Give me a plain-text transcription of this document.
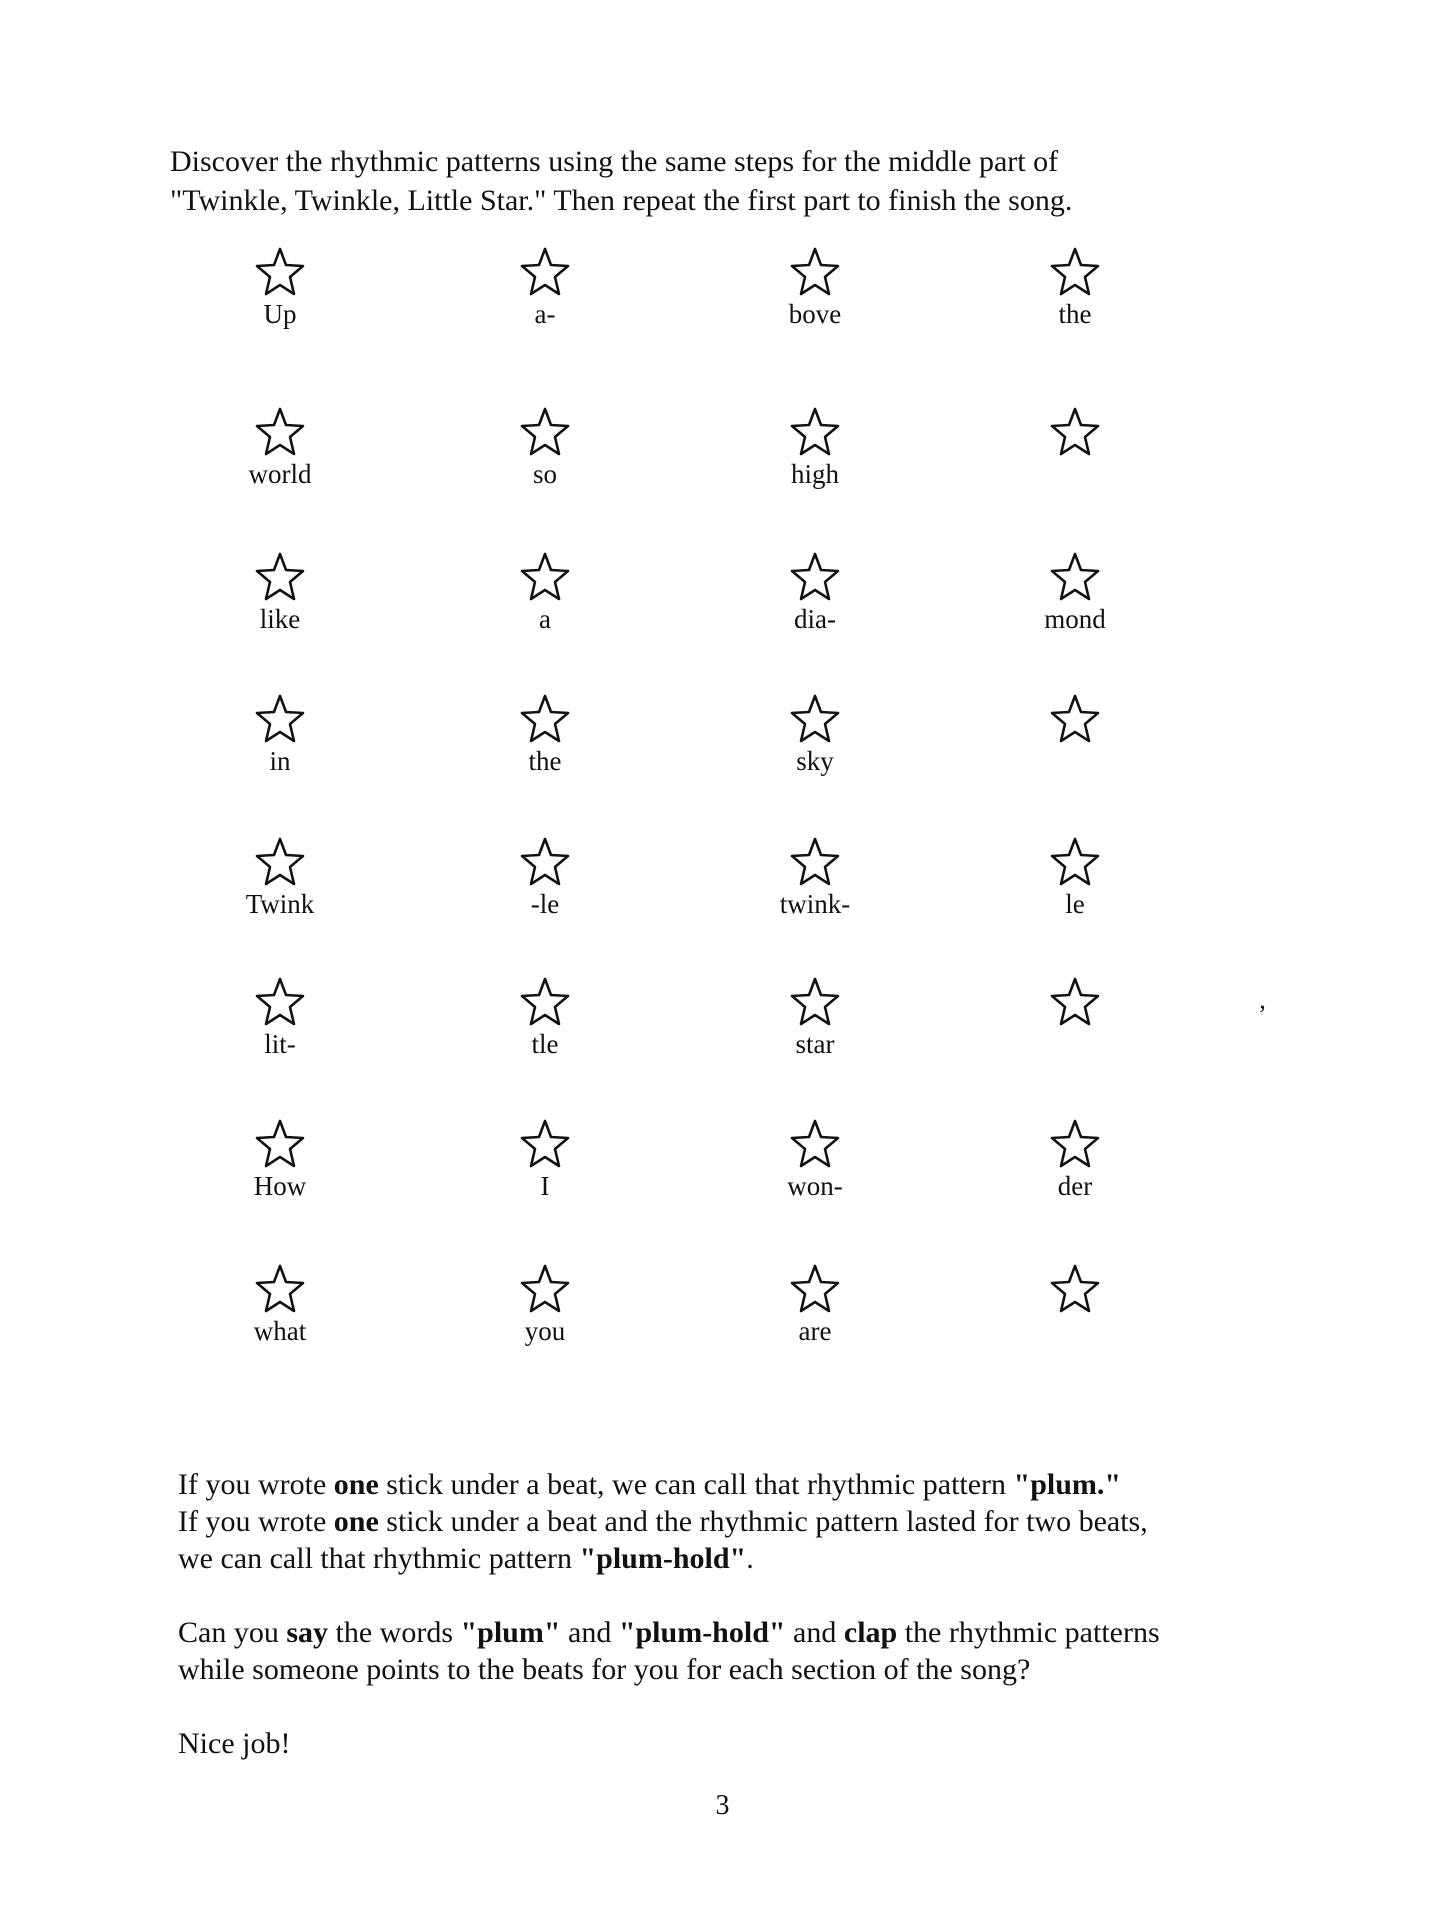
Discover the rhythmic patterns using the same steps for the middle part of

"Twinkle, Twinkle, Little Star." Then repeat the first part to finish the song.

Up	a-	bove	the
world	so	high
like	a	dia-	mond
in	the	sky
Twink	-le	twink-	le
lit-	tle	star
How	I	won-	der
what	you	are
’

If you wrote one stick under a beat, we can call that rhythmic pattern "plum."

If you wrote one stick under a beat and the rhythmic pattern lasted for two beats,

we can call that rhythmic pattern "plum-hold".

Can you say the words "plum" and "plum-hold" and clap the rhythmic patterns

while someone points to the beats for you for each section of the song?

Nice job!

3
